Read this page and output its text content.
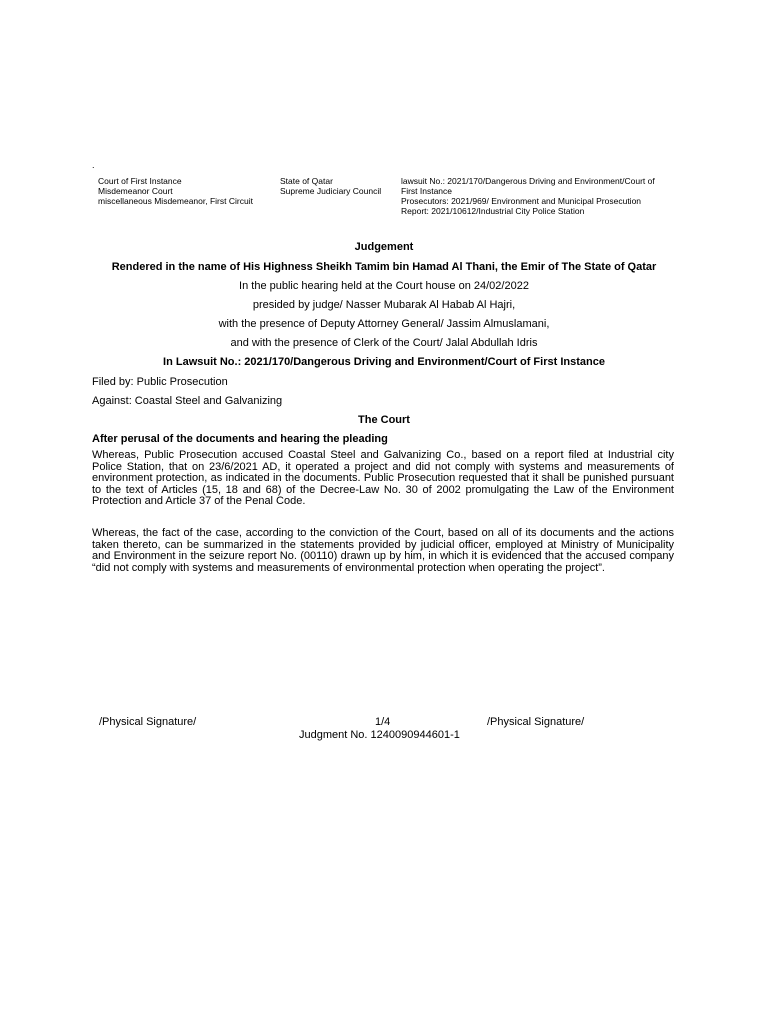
.
Court of First Instance
Misdemeanor Court
miscellaneous Misdemeanor, First Circuit
State of Qatar
Supreme Judiciary Council
lawsuit No.: 2021/170/Dangerous Driving and Environment/Court of First Instance
Prosecutors: 2021/969/ Environment and Municipal Prosecution
Report: 2021/10612/Industrial City Police Station
Judgement
Rendered in the name of His Highness Sheikh Tamim bin Hamad Al Thani, the Emir of The State of Qatar
In the public hearing held at the Court house on 24/02/2022
presided by judge/ Nasser Mubarak Al Habab Al Hajri,
with the presence of Deputy Attorney General/ Jassim Almuslamani,
and with the presence of Clerk of the Court/ Jalal Abdullah Idris
In Lawsuit No.: 2021/170/Dangerous Driving and Environment/Court of First Instance
Filed by: Public Prosecution
Against: Coastal Steel and Galvanizing
The Court
After perusal of the documents and hearing the pleading
Whereas, Public Prosecution accused Coastal Steel and Galvanizing Co., based on a report filed at Industrial city Police Station, that on 23/6/2021 AD, it operated a project and did not comply with systems and measurements of environment protection, as indicated in the documents. Public Prosecution requested that it shall be punished pursuant to the text of Articles (15, 18 and 68) of the Decree-Law No. 30 of 2002 promulgating the Law of the Environment Protection and Article 37 of the Penal Code.
Whereas, the fact of the case, according to the conviction of the Court, based on all of its documents and the actions taken thereto, can be summarized in the statements provided by judicial officer, employed at Ministry of Municipality and Environment in the seizure report No. (00110) drawn up by him, in which it is evidenced that the accused company “did not comply with systems and measurements of environmental protection when operating the project”.
/Physical Signature/	1/4	/Physical Signature/
Judgment No. 1240090944601-1
